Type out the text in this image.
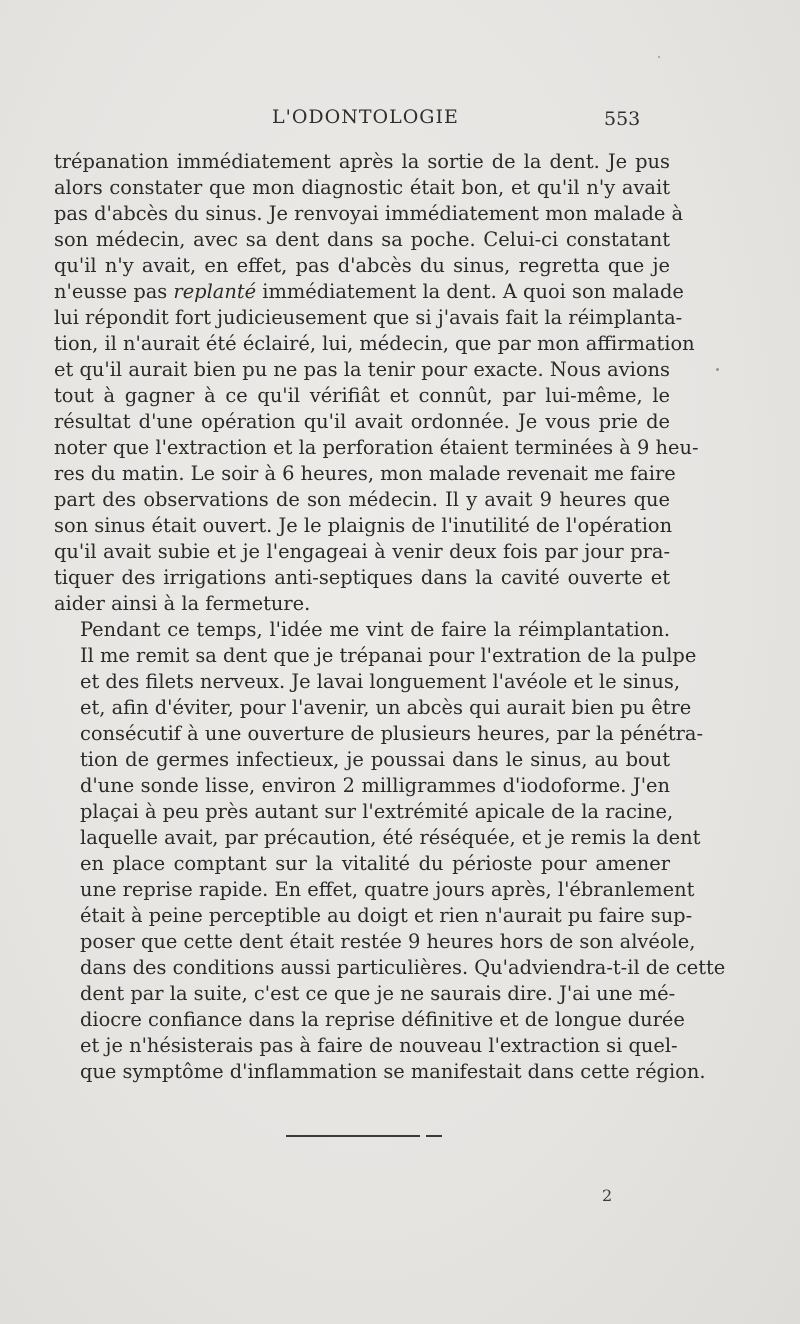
L'ODONTOLOGIE	553

trépanation immédiatement après la sortie de la dent. Je pus
alors constater que mon diagnostic était bon, et qu'il n'y avait
pas d'abcès du sinus. Je renvoyai immédiatement mon malade à
son médecin, avec sa dent dans sa poche. Celui-ci constatant
qu'il n'y avait, en effet, pas d'abcès du sinus, regretta que je
n'eusse pas replanté immédiatement la dent. A quoi son malade
lui répondit fort judicieusement que si j'avais fait la réimplanta-
tion, il n'aurait été éclairé, lui, médecin, que par mon affirmation
et qu'il aurait bien pu ne pas la tenir pour exacte. Nous avions
tout à gagner à ce qu'il vérifiât et connût, par lui-même, le
résultat d'une opération qu'il avait ordonnée. Je vous prie de
noter que l'extraction et la perforation étaient terminées à 9 heu-
res du matin. Le soir à 6 heures, mon malade revenait me faire
part des observations de son médecin. Il y avait 9 heures que
son sinus était ouvert. Je le plaignis de l'inutilité de l'opération
qu'il avait subie et je l'engageai à venir deux fois par jour pra-
tiquer des irrigations anti-septiques dans la cavité ouverte et
aider ainsi à la fermeture.

Pendant ce temps, l'idée me vint de faire la réimplantation.
Il me remit sa dent que je trépanai pour l'extration de la pulpe
et des filets nerveux. Je lavai longuement l'avéole et le sinus,
et, afin d'éviter, pour l'avenir, un abcès qui aurait bien pu être
consécutif à une ouverture de plusieurs heures, par la pénétra-
tion de germes infectieux, je poussai dans le sinus, au bout
d'une sonde lisse, environ 2 milligrammes d'iodoforme. J'en
plaçai à peu près autant sur l'extrémité apicale de la racine,
laquelle avait, par précaution, été réséquée, et je remis la dent
en place comptant sur la vitalité du périoste pour amener
une reprise rapide. En effet, quatre jours après, l'ébranlement
était à peine perceptible au doigt et rien n'aurait pu faire sup-
poser que cette dent était restée 9 heures hors de son alvéole,
dans des conditions aussi particulières. Qu'adviendra-t-il de cette
dent par la suite, c'est ce que je ne saurais dire. J'ai une mé-
diocre confiance dans la reprise définitive et de longue durée
et je n'hésisterais pas à faire de nouveau l'extraction si quel-
que symptôme d'inflammation se manifestait dans cette région.

2
